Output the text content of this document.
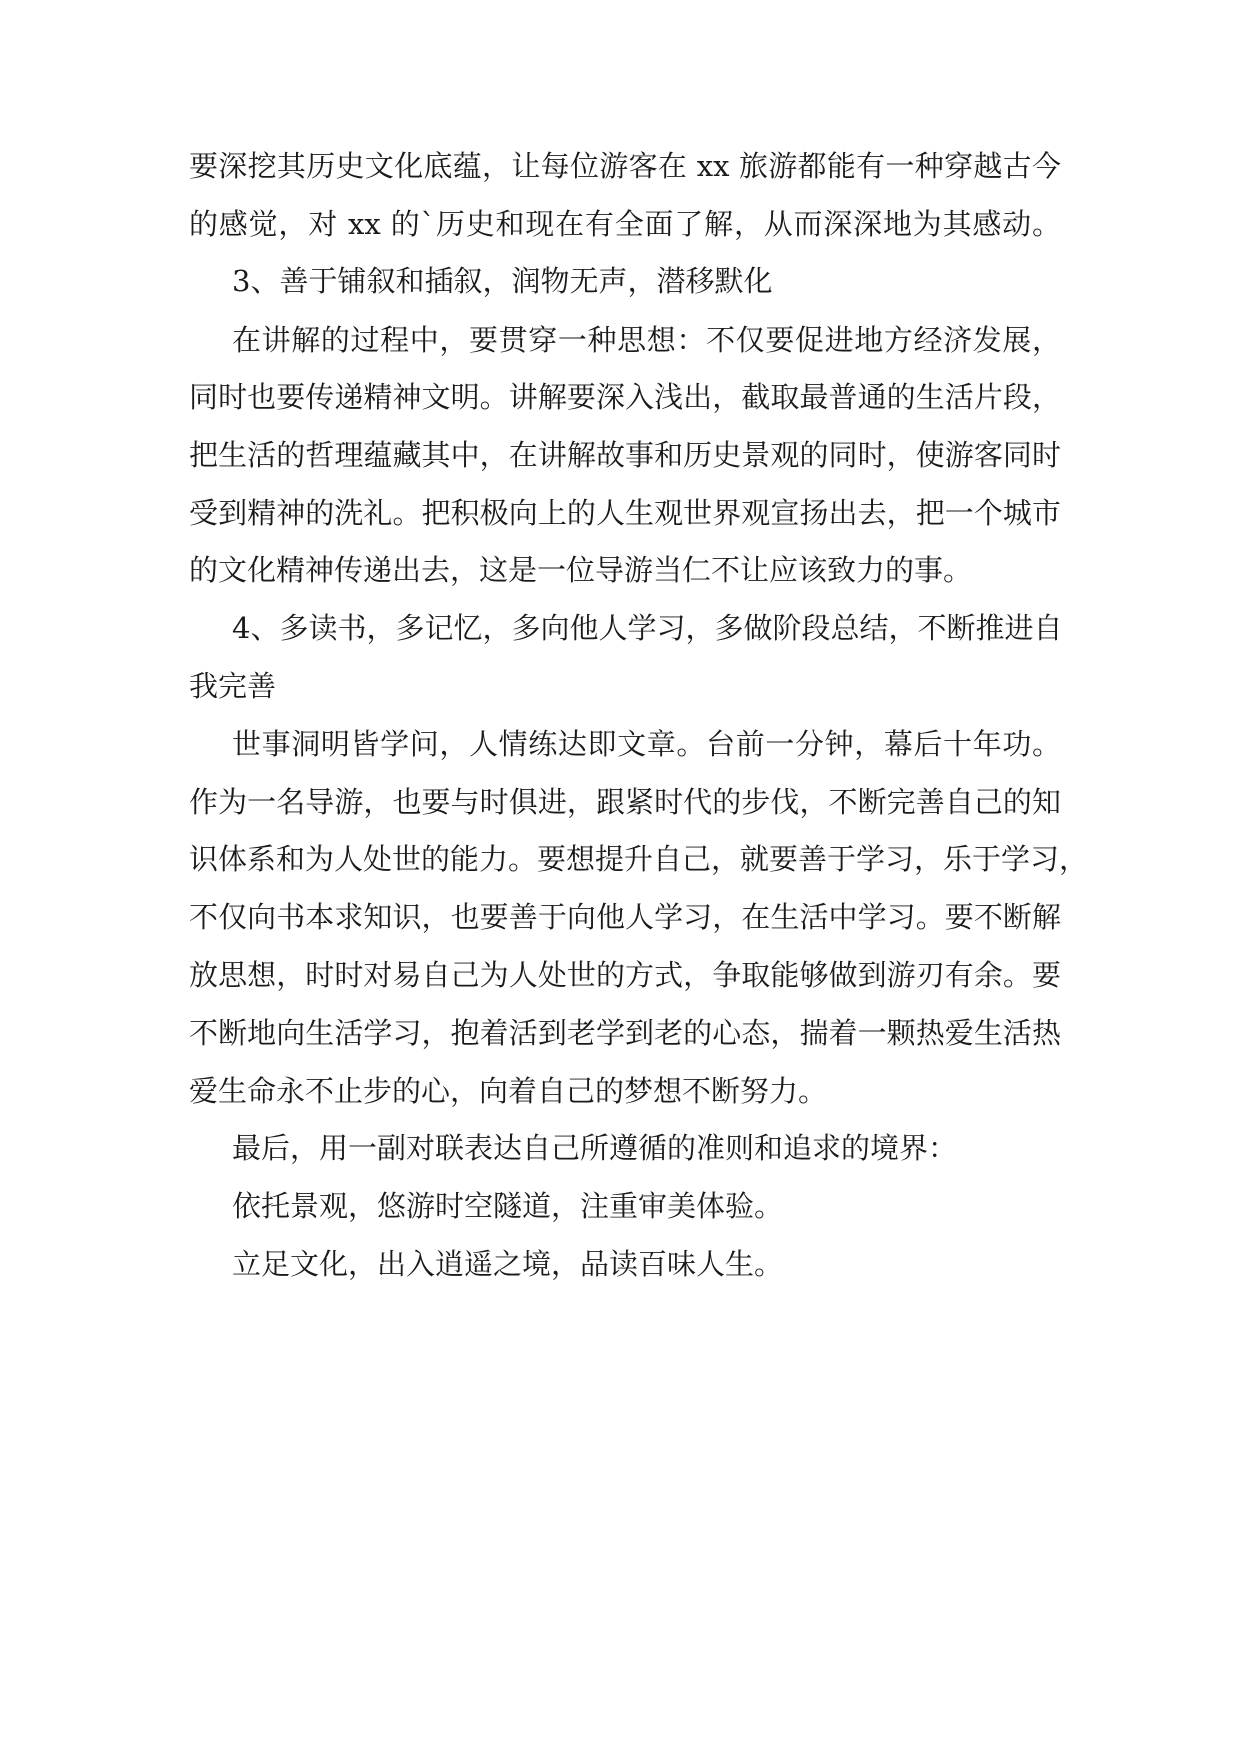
要深挖其历史文化底蕴，让每位游客在 xx 旅游都能有一种穿越古今
的感觉，对 xx 的`历史和现在有全面了解，从而深深地为其感动。
3、善于铺叙和插叙，润物无声，潜移默化
在讲解的过程中，要贯穿一种思想：不仅要促进地方经济发展，
同时也要传递精神文明。讲解要深入浅出，截取最普通的生活片段，
把生活的哲理蕴藏其中，在讲解故事和历史景观的同时，使游客同时
受到精神的洗礼。把积极向上的人生观世界观宣扬出去，把一个城市
的文化精神传递出去，这是一位导游当仁不让应该致力的事。
4、多读书，多记忆，多向他人学习，多做阶段总结，不断推进自
我完善
世事洞明皆学问，人情练达即文章。台前一分钟，幕后十年功。
作为一名导游，也要与时俱进，跟紧时代的步伐，不断完善自己的知
识体系和为人处世的能力。要想提升自己，就要善于学习，乐于学习，
不仅向书本求知识，也要善于向他人学习，在生活中学习。要不断解
放思想，时时对易自己为人处世的方式，争取能够做到游刃有余。要
不断地向生活学习，抱着活到老学到老的心态，揣着一颗热爱生活热
爱生命永不止步的心，向着自己的梦想不断努力。
最后，用一副对联表达自己所遵循的准则和追求的境界：
依托景观，悠游时空隧道，注重审美体验。
立足文化，出入逍遥之境，品读百味人生。
